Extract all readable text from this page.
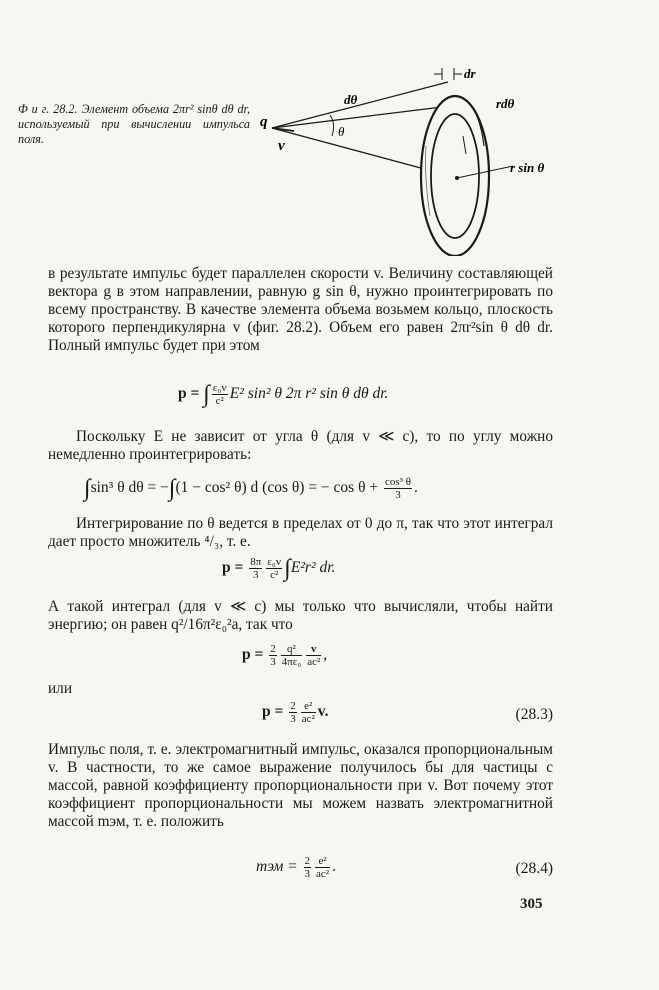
Ф и г. 28.2. Элемент объема 2πr² sinθ dθ dr, используемый при вычислении импульса поля.
q
v
θ
dθ
dr
rdθ
r sin θ
в результате импульс будет параллелен скорости v. Величину составляющей вектора g в этом направлении, равную g sin θ, нужно проинтегрировать по всему пространству. В качестве элемента объема возьмем кольцо, плоскость которого перпендикулярна v (фиг. 28.2). Объем его равен 2πr²sin θ dθ dr. Полный импульс будет при этом
p = ∫ $\frac{\text{ε₀v}}{\text{c²}} E^2$ sin² θ 2π r² sin θ dθ dr.
Поскольку E не зависит от угла θ (для v ≪ c), то по углу можно немедленно проинтегрировать:
∫sin³ θ dθ = −∫(1 − cos² θ) d (cos θ) = − $\cos \theta + \frac{\text{cos³ θ}}{3}$ .
Интегрирование по θ ведется в пределах от 0 до π, так что этот интеграл дает просто множитель ⁴/₃, т. е.
$p = \frac{8\pi}{3} \frac{\text{ε₀v}}{\text{c²}} \int E^2r^2$ dr.
А такой интеграл (для v ≪ c) мы только что вычисляли, чтобы найти энергию; он равен q²/16π²ε₀²a, так что
$p = \frac{2}{3} \frac{\text{q²}}{\text{4πε₀}} \frac{v}{\text{ac²}}$ ,
или
$p = \frac{2}{3} \frac{\text{e²}}{\text{ac²}} v$.	(28.3)
Импульс поля, т. е. электромагнитный импульс, оказался пропорциональным v. В частности, то же самое выражение получилось бы для частицы с массой, равной коэффициенту пропорциональности при v. Вот почему этот коэффициент пропорциональности мы можем назвать электромагнитной массой mэм, т. е. положить
mэм = $\frac{2}{3} \frac{\text{e²}}{\text{ac²}}$ .	(28.4)
305
